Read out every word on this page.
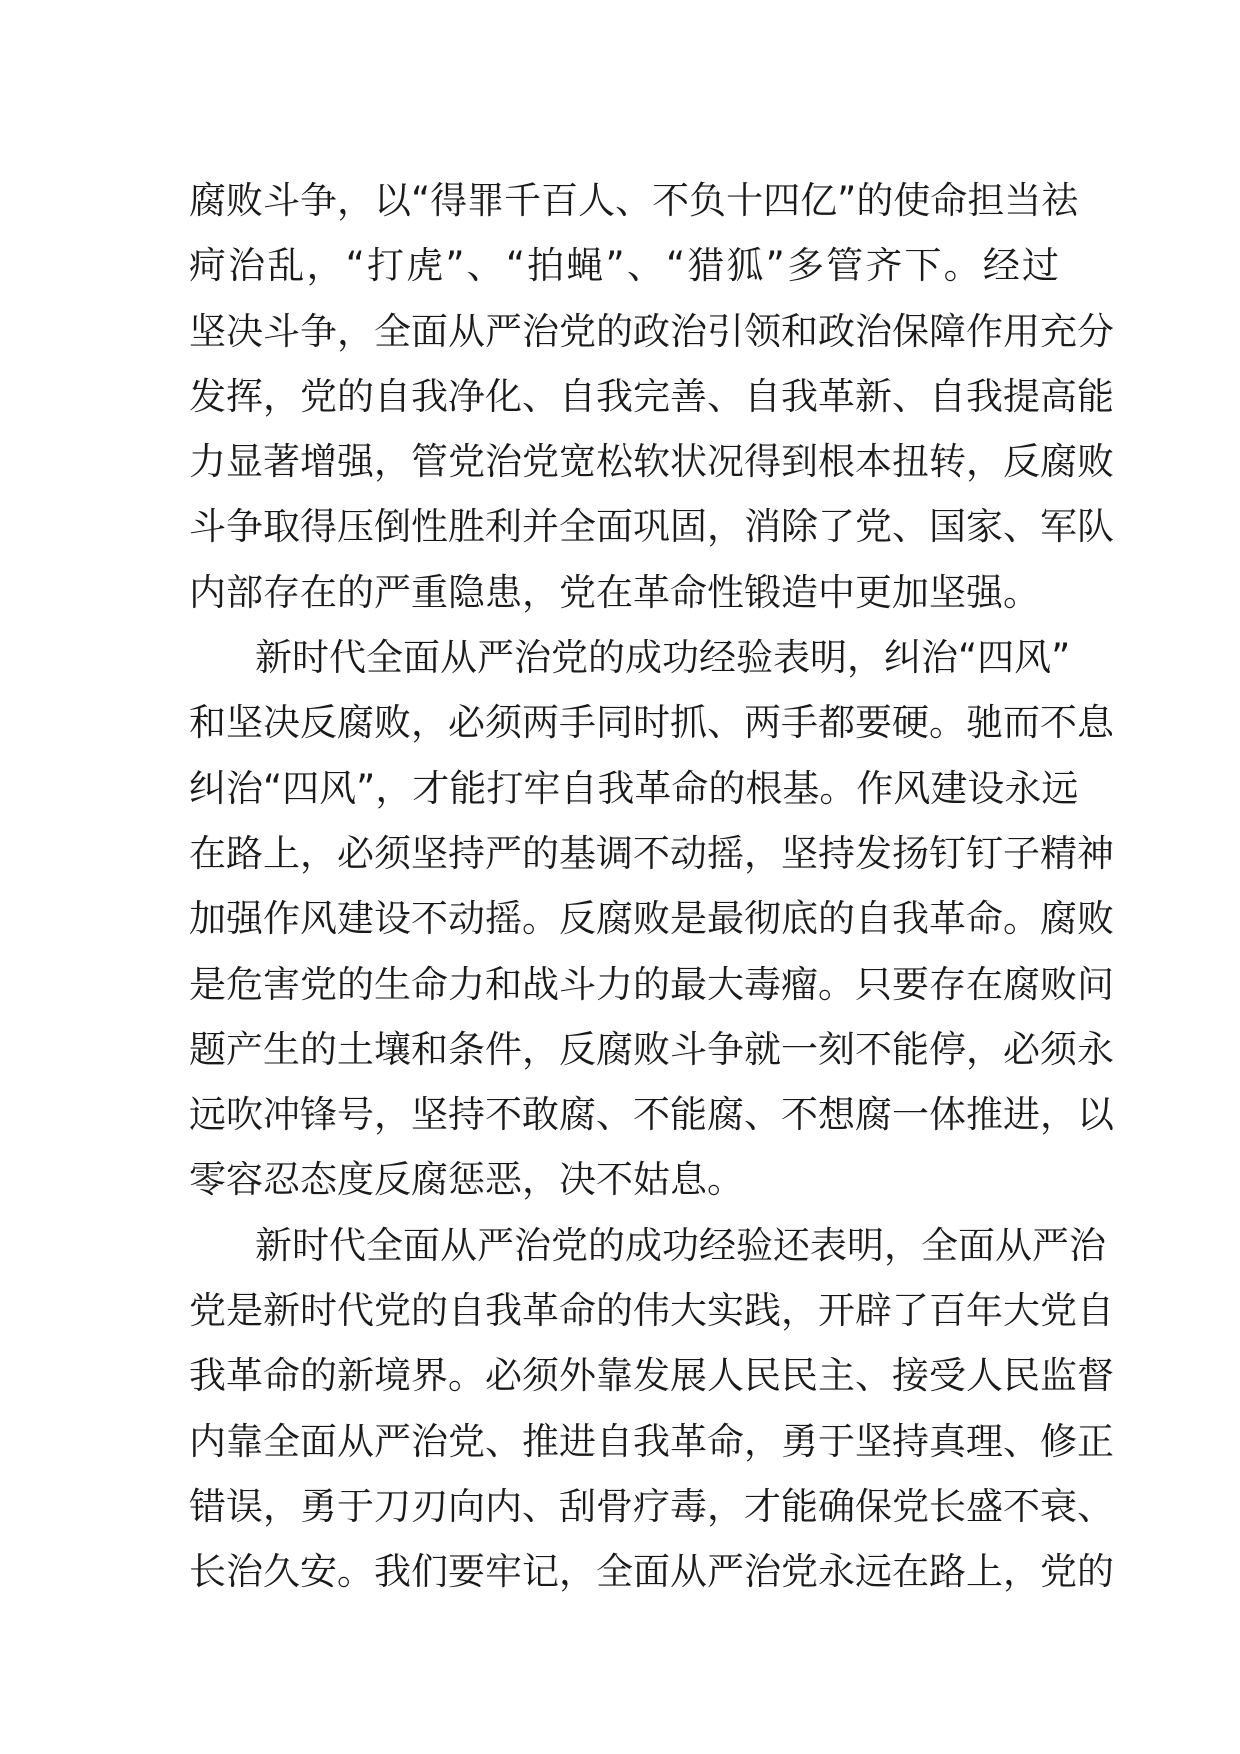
腐败斗争，以“得罪千百人、不负十四亿”的使命担当祛
疴治乱，“打虎”、“拍蝇”、“猎狐”多管齐下。经过
坚决斗争，全面从严治党的政治引领和政治保障作用充分
发挥，党的自我净化、自我完善、自我革新、自我提高能
力显著增强，管党治党宽松软状况得到根本扭转，反腐败
斗争取得压倒性胜利并全面巩固，消除了党、国家、军队
内部存在的严重隐患，党在革命性锻造中更加坚强。
新时代全面从严治党的成功经验表明，纠治“四风”
和坚决反腐败，必须两手同时抓、两手都要硬。驰而不息
纠治“四风”，才能打牢自我革命的根基。作风建设永远
在路上，必须坚持严的基调不动摇，坚持发扬钉钉子精神
加强作风建设不动摇。反腐败是最彻底的自我革命。腐败
是危害党的生命力和战斗力的最大毒瘤。只要存在腐败问
题产生的土壤和条件，反腐败斗争就一刻不能停，必须永
远吹冲锋号，坚持不敢腐、不能腐、不想腐一体推进，以
零容忍态度反腐惩恶，决不姑息。
新时代全面从严治党的成功经验还表明，全面从严治
党是新时代党的自我革命的伟大实践，开辟了百年大党自
我革命的新境界。必须外靠发展人民民主、接受人民监督
内靠全面从严治党、推进自我革命，勇于坚持真理、修正
错误，勇于刀刃向内、刮骨疗毒，才能确保党长盛不衰、
长治久安。我们要牢记，全面从严治党永远在路上，党的
